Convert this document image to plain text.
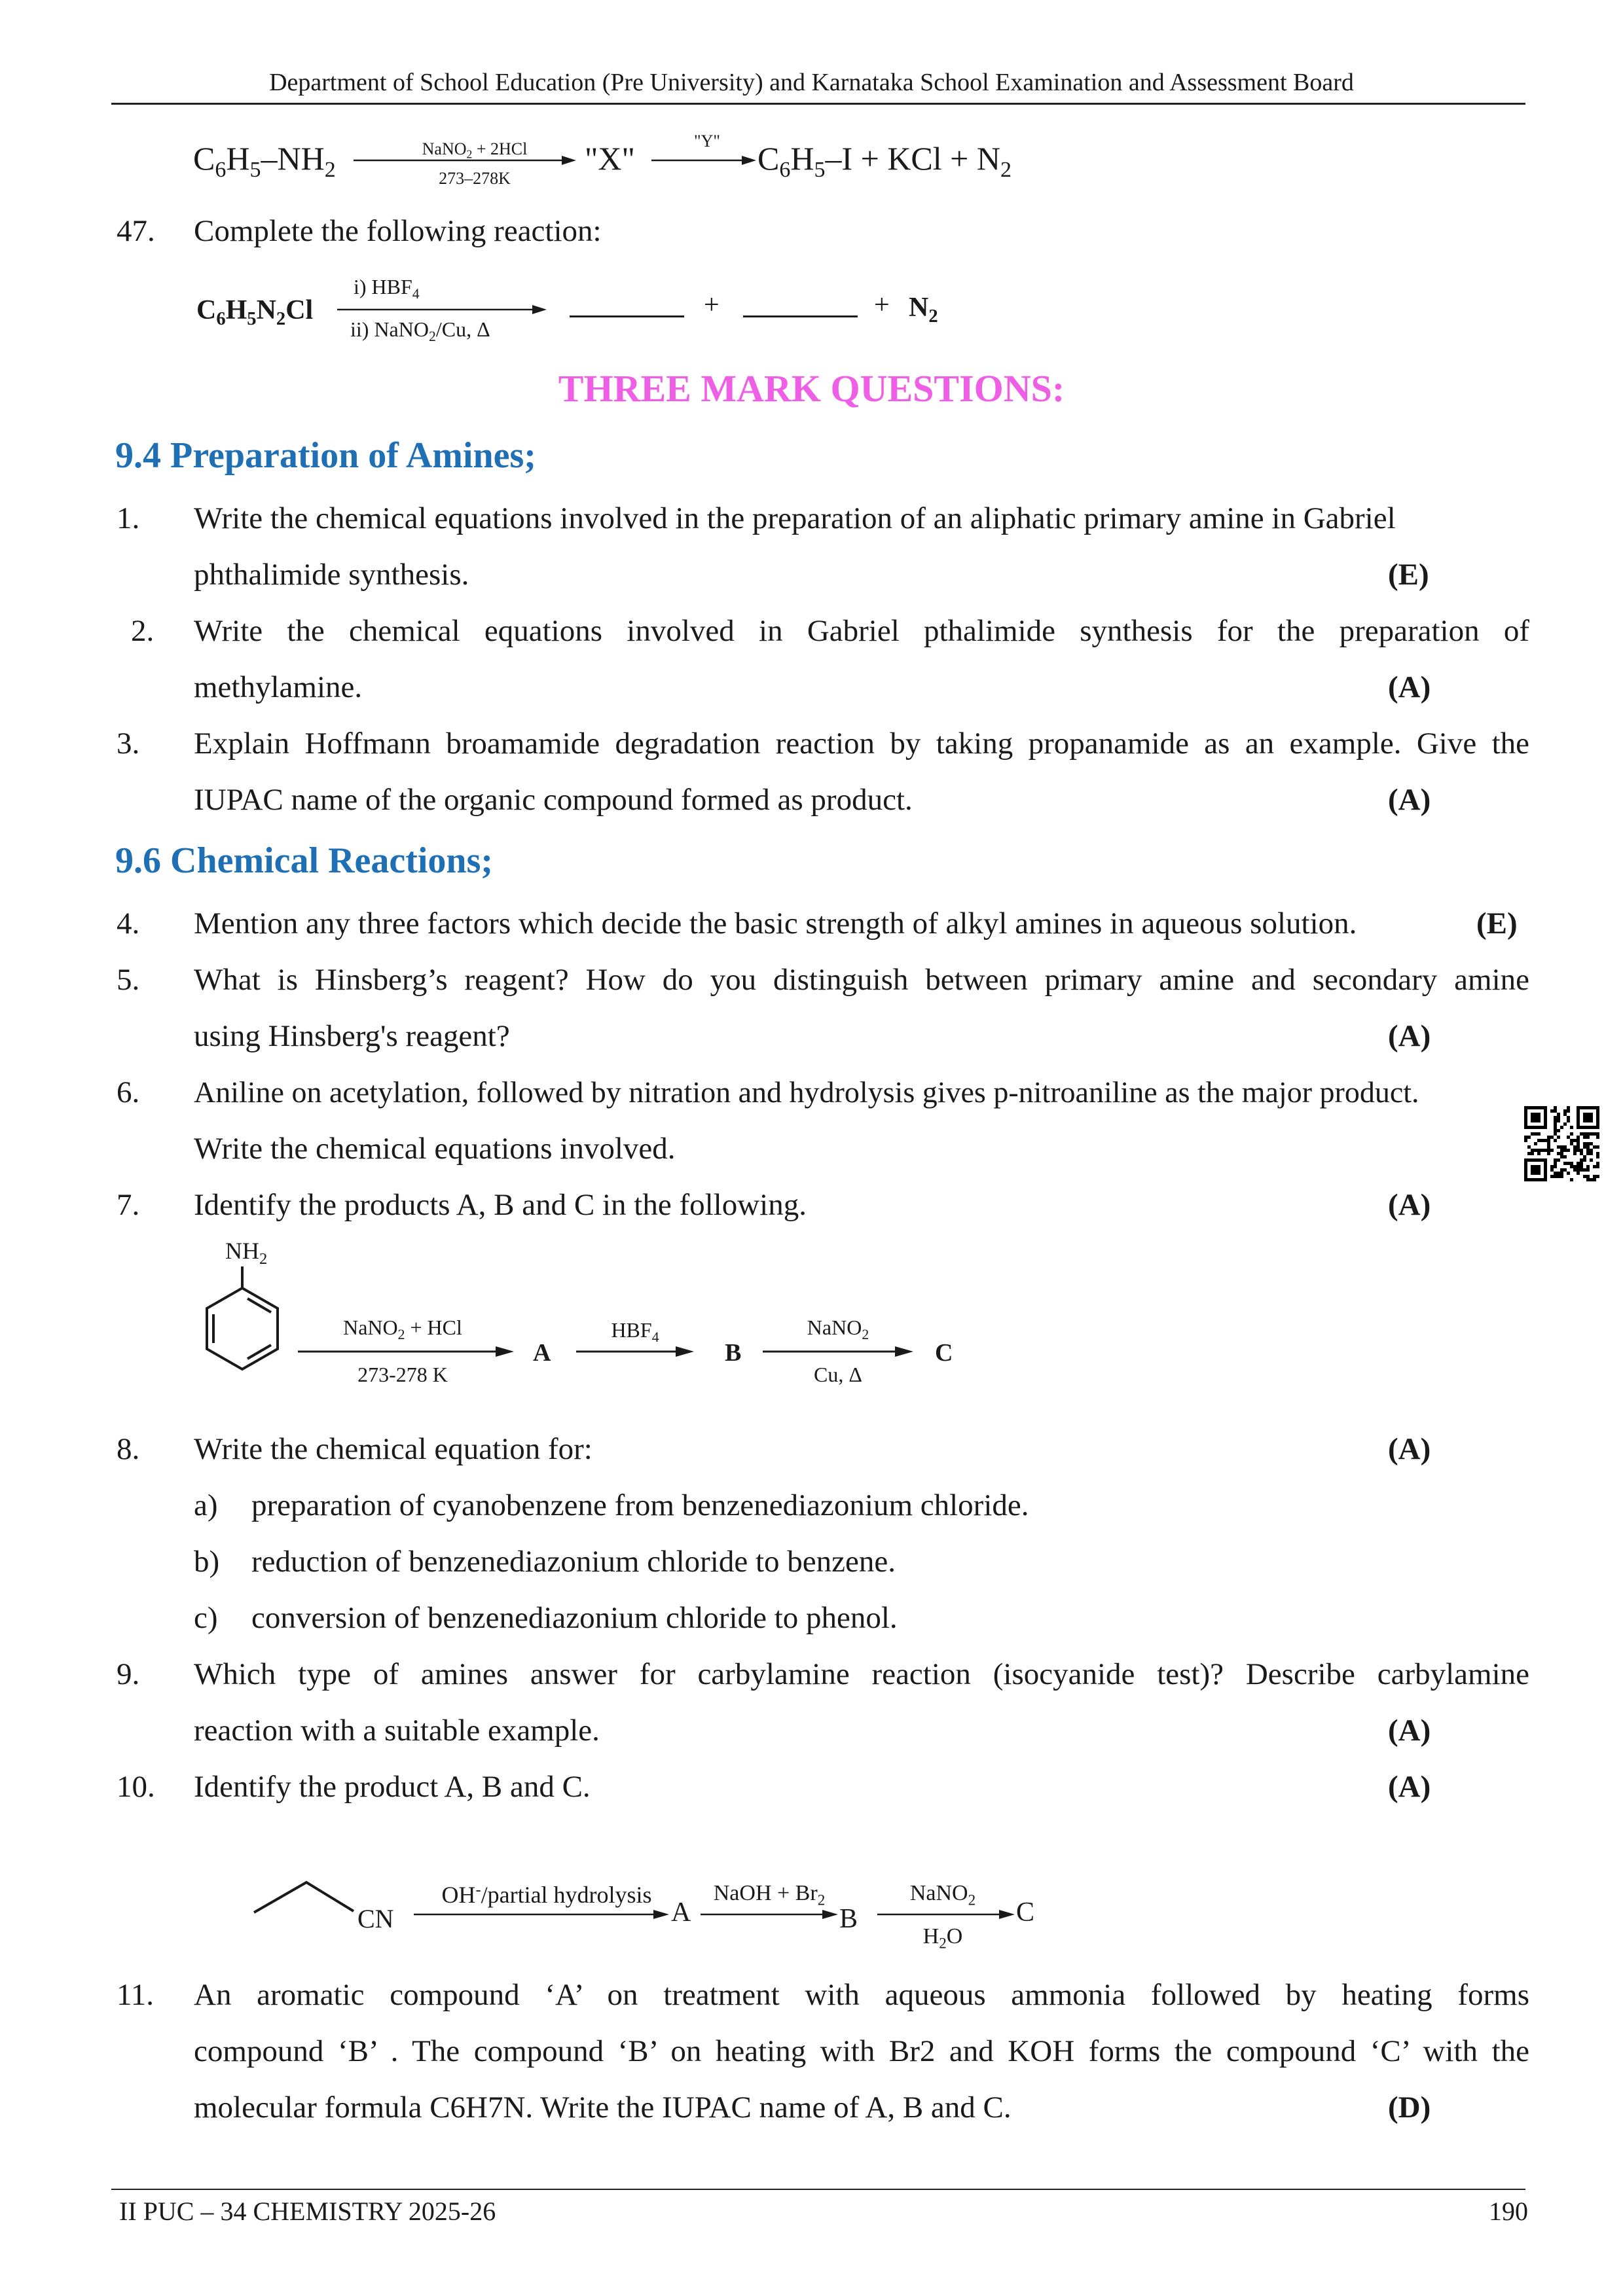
Department of School Education (Pre University) and Karnataka School Examination and Assessment Board
$C_6H_5-NH_2$
NaNO$_2$ + 2HCl
273–278K
"X"	"Y"	$C_6H_5-I$ + KCl + $N_2$
47. Complete the following reaction:
$C_6H_5N_2Cl$
i) $HBF_4$
ii) NaNO$_2$/Cu, Δ
+	+ $N_2$
THREE MARK QUESTIONS:
9.4 Preparation of Amines;
1. Write the chemical equations involved in the preparation of an aliphatic primary amine in Gabriel
phthalimide synthesis.	(E)
2. Write the chemical equations involved in Gabriel pthalimide synthesis for the preparation of
methylamine.	(A)
3. Explain Hoffmann broamamide degradation reaction by taking propanamide as an example. Give the
IUPAC name of the organic compound formed as product.	(A)
9.6 Chemical Reactions;
4. Mention any three factors which decide the basic strength of alkyl amines in aqueous solution.	(E)
5. What is Hinsberg’s reagent? How do you distinguish between primary amine and secondary amine
using Hinsberg's reagent?	(A)
6. Aniline on acetylation, followed by nitration and hydrolysis gives p-nitroaniline as the major product.
Write the chemical equations involved.
7. Identify the products A, B and C in the following.	(A)
$NH_2$
NaNO$_2$ + HCl
273-278 K
A
$HBF_4$
B
NaNO$_2$
Cu, Δ
C
8. Write the chemical equation for:	(A)
a) preparation of cyanobenzene from benzenediazonium chloride.
b) reduction of benzenediazonium chloride to benzene.
c) conversion of benzenediazonium chloride to phenol.
9. Which type of amines answer for carbylamine reaction (isocyanide test)? Describe carbylamine
reaction with a suitable example.	(A)
10. Identify the product A, B and C.	(A)
CN
OH-/partial hydrolysis
A
NaOH + $Br_2$
B
NaNO$_2$
$H_2O$
C
11. An aromatic compound ‘A’ on treatment with aqueous ammonia followed by heating forms
compound ‘B’ . The compound ‘B’ on heating with Br2 and KOH forms the compound ‘C’ with the
molecular formula C6H7N. Write the IUPAC name of A, B and C.	(D)
II PUC – 34 CHEMISTRY 2025-26	190
